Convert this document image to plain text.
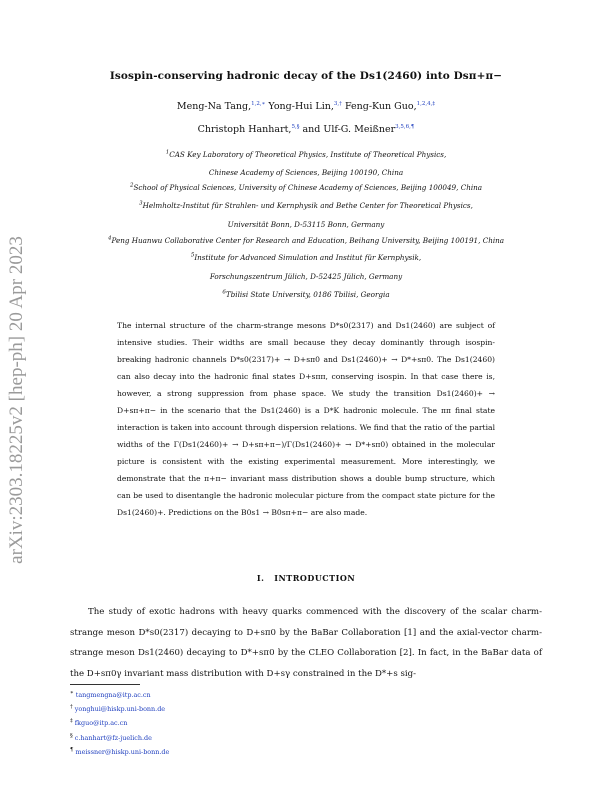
arXiv:2303.18225v2 [hep-ph] 20 Apr 2023
Isospin-conserving hadronic decay of the Ds1(2460) into Dsπ+π−
Meng-Na Tang,$^{1,2,∗}$ Yong-Hui Lin,$^{3,\dagger}$ Feng-Kun Guo,$^{1,2,4,\ddagger}$
Christoph Hanhart,$^{5,\S}$ and Ulf-G. Meißner$^{3,5,6,\P}$
$^1$CAS Key Laboratory of Theoretical Physics, Institute of Theoretical Physics,
Chinese Academy of Sciences, Beijing 100190, China
$^2$School of Physical Sciences, University of Chinese Academy of Sciences, Beijing 100049, China
$^3$Helmholtz-Institut für Strahlen- und Kernphysik and Bethe Center for Theoretical Physics,
Universität Bonn, D-53115 Bonn, Germany
$^4$Peng Huanwu Collaborative Center for Research and Education, Beihang University, Beijing 100191, China
$^5$Institute for Advanced Simulation and Institut für Kernphysik,
Forschungszentrum Jülich, D-52425 Jülich, Germany
$^6$Tbilisi State University, 0186 Tbilisi, Georgia

The internal structure of the charm-strange mesons D*s0(2317) and Ds1(2460) are subject of intensive studies. Their widths are small because they decay dominantly through isospin-breaking hadronic channels D*s0(2317)+ → D+sπ0 and Ds1(2460)+ → D*+sπ0. The Ds1(2460) can also decay into the hadronic final states D+sππ, conserving isospin. In that case there is, however, a strong suppression from phase space. We study the transition Ds1(2460)+ → D+sπ+π− in the scenario that the Ds1(2460) is a D*K hadronic molecule. The ππ final state interaction is taken into account through dispersion relations. We find that the ratio of the partial widths of the Γ(Ds1(2460)+ → D+sπ+π−)/Γ(Ds1(2460)+ → D*+sπ0) obtained in the molecular picture is consistent with the existing experimental measurement. More interestingly, we demonstrate that the π+π− invariant mass distribution shows a double bump structure, which can be used to disentangle the hadronic molecular picture from the compact state picture for the Ds1(2460)+. Predictions on the B0s1 → B0sπ+π− are also made.

I. INTRODUCTION

The study of exotic hadrons with heavy quarks commenced with the discovery of the scalar charm-strange meson D*s0(2317) decaying to D+sπ0 by the BaBar Collaboration [1] and the axial-vector charm-strange meson Ds1(2460) decaying to D*+sπ0 by the CLEO Collaboration [2]. In fact, in the BaBar data of the D+sπ0γ invariant mass distribution with D+sγ constrained in the D*+s sig-

∗ tangmengna@itp.ac.cn
† yonghui@hiskp.uni-bonn.de
‡ fkguo@itp.ac.cn
§ c.hanhart@fz-juelich.de
¶ meissner@hiskp.uni-bonn.de
